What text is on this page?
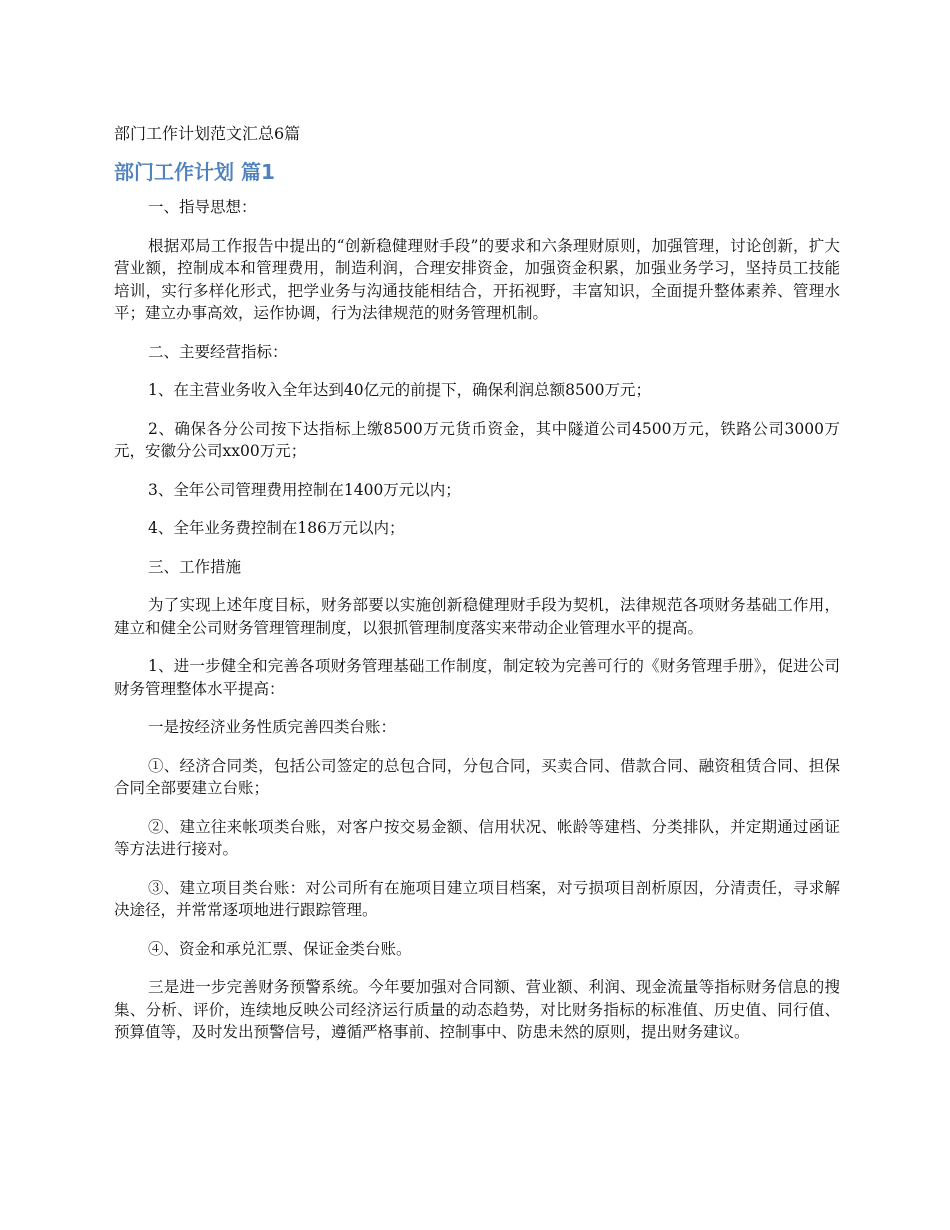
部门工作计划范文汇总6篇
部门工作计划 篇1

一、指导思想：

根据邓局工作报告中提出的“创新稳健理财手段”的要求和六条理财原则，加强管理，讨论创新，扩大营业额，控制成本和管理费用，制造利润，合理安排资金，加强资金积累，加强业务学习，坚持员工技能培训，实行多样化形式，把学业务与沟通技能相结合，开拓视野，丰富知识，全面提升整体素养、管理水平；建立办事高效，运作协调，行为法律规范的财务管理机制。

二、主要经营指标：

1、在主营业务收入全年达到40亿元的前提下，确保利润总额8500万元；

2、确保各分公司按下达指标上缴8500万元货币资金，其中隧道公司4500万元，铁路公司3000万元，安徽分公司xx00万元；

3、全年公司管理费用控制在1400万元以内；

4、全年业务费控制在186万元以内；

三、工作措施

为了实现上述年度目标，财务部要以实施创新稳健理财手段为契机，法律规范各项财务基础工作用，建立和健全公司财务管理管理制度，以狠抓管理制度落实来带动企业管理水平的提高。

1、进一步健全和完善各项财务管理基础工作制度，制定较为完善可行的《财务管理手册》，促进公司财务管理整体水平提高：

一是按经济业务性质完善四类台账：

①、经济合同类，包括公司签定的总包合同，分包合同，买卖合同、借款合同、融资租赁合同、担保合同全部要建立台账；

②、建立往来帐项类台账，对客户按交易金额、信用状况、帐龄等建档、分类排队，并定期通过函证等方法进行接对。

③、建立项目类台账：对公司所有在施项目建立项目档案，对亏损项目剖析原因，分清责任，寻求解决途径，并常常逐项地进行跟踪管理。

④、资金和承兑汇票、保证金类台账。

三是进一步完善财务预警系统。今年要加强对合同额、营业额、利润、现金流量等指标财务信息的搜集、分析、评价，连续地反映公司经济运行质量的动态趋势，对比财务指标的标准值、历史值、同行值、预算值等，及时发出预警信号，遵循严格事前、控制事中、防患未然的原则，提出财务建议。
